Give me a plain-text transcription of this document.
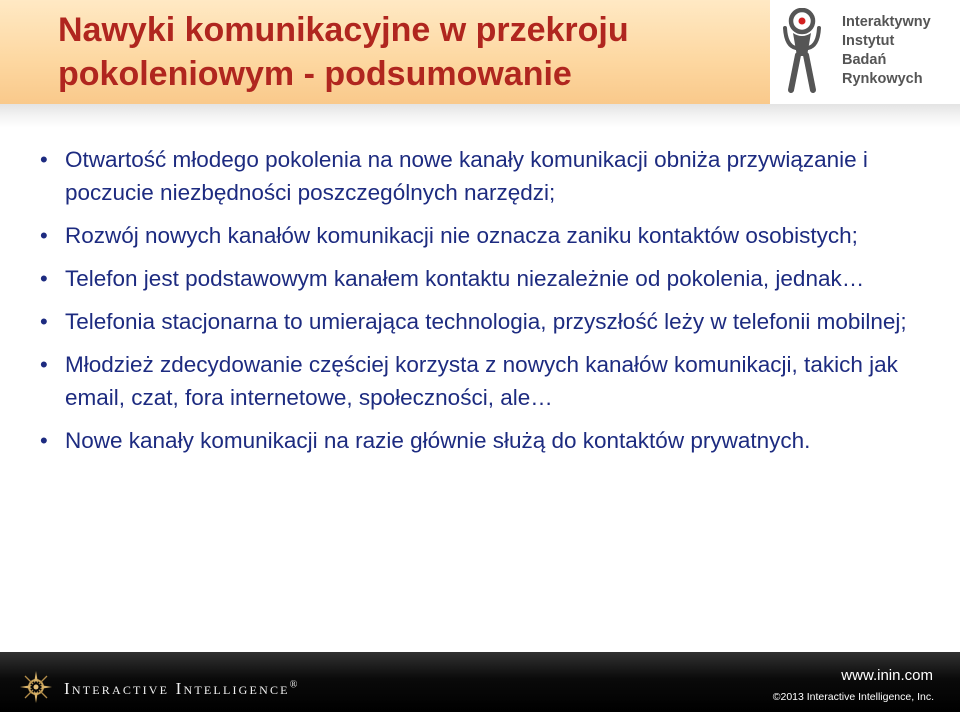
Nawyki komunikacyjne w przekroju
pokoleniowym - podsumowanie
Interaktywny
Instytut
Badań
Rynkowych
• Otwartość młodego pokolenia na nowe kanały komunikacji obniża przywiązanie i poczucie niezbędności poszczególnych narzędzi;
• Rozwój nowych kanałów komunikacji nie oznacza zaniku kontaktów osobistych;
• Telefon jest podstawowym kanałem kontaktu niezależnie od pokolenia, jednak…
• Telefonia stacjonarna to umierająca technologia, przyszłość leży w telefonii mobilnej;
• Młodzież zdecydowanie częściej korzysta z nowych kanałów komunikacji, takich jak email, czat, fora internetowe, społeczności, ale…
• Nowe kanały komunikacji na razie głównie służą do kontaktów prywatnych.
Interactive Intelligence®
www.inin.com
©2013 Interactive Intelligence, Inc.
